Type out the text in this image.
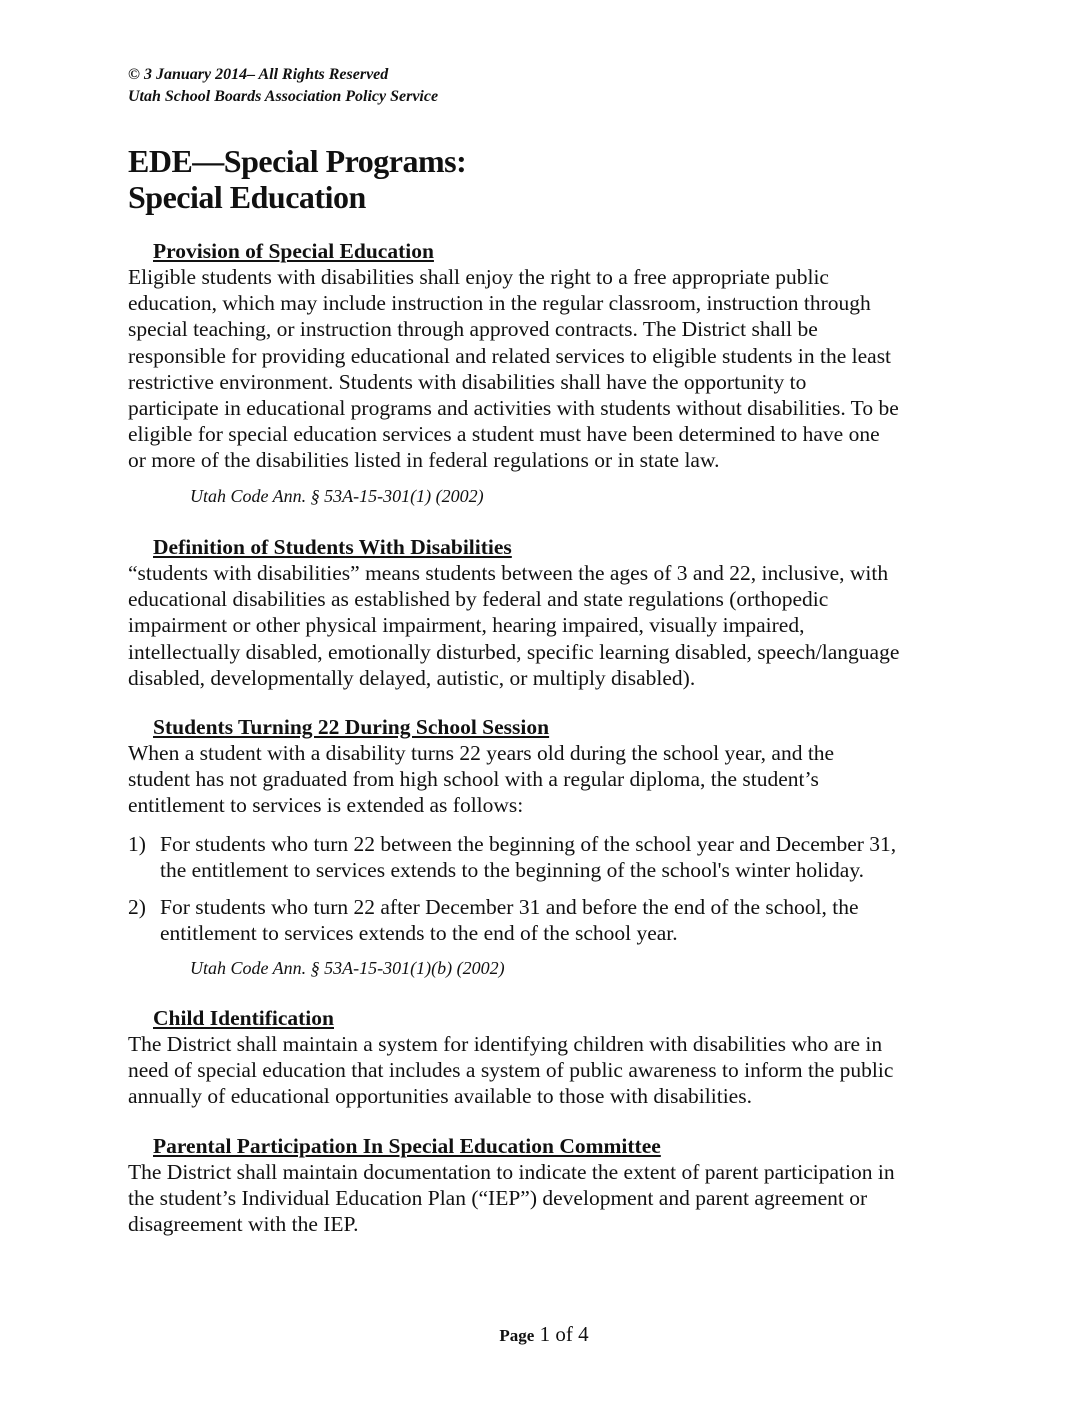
© 3 January 2014– All Rights Reserved
Utah School Boards Association Policy Service
EDE—Special Programs:
Special Education
Provision of Special Education
Eligible students with disabilities shall enjoy the right to a free appropriate public
education, which may include instruction in the regular classroom, instruction through
special teaching, or instruction through approved contracts. The District shall be
responsible for providing educational and related services to eligible students in the least
restrictive environment. Students with disabilities shall have the opportunity to
participate in educational programs and activities with students without disabilities. To be
eligible for special education services a student must have been determined to have one
or more of the disabilities listed in federal regulations or in state law.
Utah Code Ann. § 53A-15-301(1) (2002)
Definition of Students With Disabilities
“students with disabilities” means students between the ages of 3 and 22, inclusive, with
educational disabilities as established by federal and state regulations (orthopedic
impairment or other physical impairment, hearing impaired, visually impaired,
intellectually disabled, emotionally disturbed, specific learning disabled, speech/language
disabled, developmentally delayed, autistic, or multiply disabled).
Students Turning 22 During School Session
When a student with a disability turns 22 years old during the school year, and the
student has not graduated from high school with a regular diploma, the student’s
entitlement to services is extended as follows:
1) For students who turn 22 between the beginning of the school year and December 31,
the entitlement to services extends to the beginning of the school's winter holiday.
2) For students who turn 22 after December 31 and before the end of the school, the
entitlement to services extends to the end of the school year.
Utah Code Ann. § 53A-15-301(1)(b) (2002)
Child Identification
The District shall maintain a system for identifying children with disabilities who are in
need of special education that includes a system of public awareness to inform the public
annually of educational opportunities available to those with disabilities.
Parental Participation In Special Education Committee
The District shall maintain documentation to indicate the extent of parent participation in
the student’s Individual Education Plan (“IEP”) development and parent agreement or
disagreement with the IEP.
Page 1 of 4
